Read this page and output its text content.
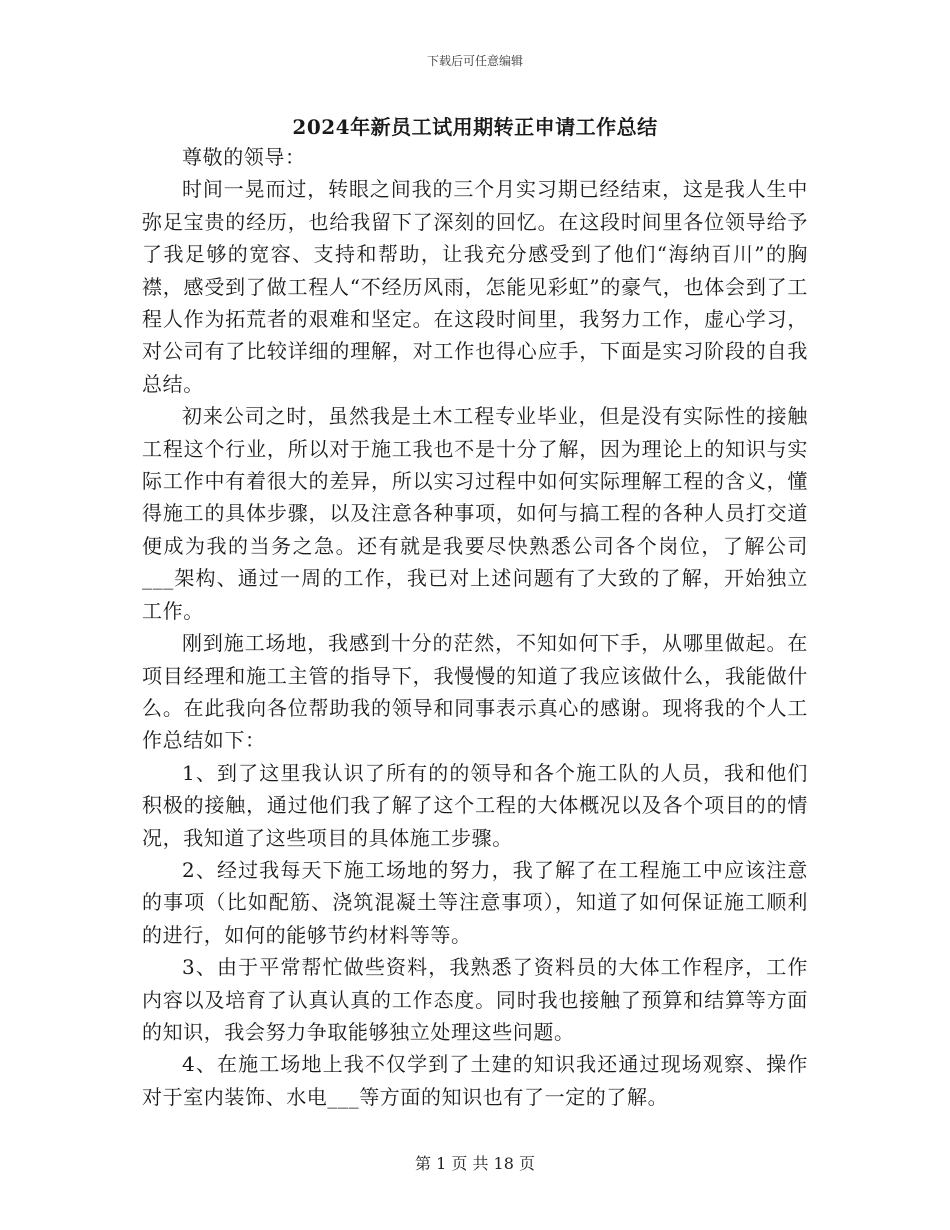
下载后可任意编辑
2024年新员工试用期转正申请工作总结

尊敬的领导：

时间一晃而过，转眼之间我的三个月实习期已经结束，这是我人生中弥足宝贵的经历，也给我留下了深刻的回忆。在这段时间里各位领导给予了我足够的宽容、支持和帮助，让我充分感受到了他们“海纳百川”的胸襟，感受到了做工程人“不经历风雨，怎能见彩虹”的豪气，也体会到了工程人作为拓荒者的艰难和坚定。在这段时间里，我努力工作，虚心学习，对公司有了比较详细的理解，对工作也得心应手，下面是实习阶段的自我总结。

初来公司之时，虽然我是土木工程专业毕业，但是没有实际性的接触工程这个行业，所以对于施工我也不是十分了解，因为理论上的知识与实际工作中有着很大的差异，所以实习过程中如何实际理解工程的含义，懂得施工的具体步骤，以及注意各种事项，如何与搞工程的各种人员打交道便成为我的当务之急。还有就是我要尽快熟悉公司各个岗位，了解公司___架构、通过一周的工作，我已对上述问题有了大致的了解，开始独立工作。

刚到施工场地，我感到十分的茫然，不知如何下手，从哪里做起。在项目经理和施工主管的指导下，我慢慢的知道了我应该做什么，我能做什么。在此我向各位帮助我的领导和同事表示真心的感谢。现将我的个人工作总结如下：

1、到了这里我认识了所有的的领导和各个施工队的人员，我和他们积极的接触，通过他们我了解了这个工程的大体概况以及各个项目的的情况，我知道了这些项目的具体施工步骤。

2、经过我每天下施工场地的努力，我了解了在工程施工中应该注意的事项（比如配筋、浇筑混凝土等注意事项），知道了如何保证施工顺利的进行，如何的能够节约材料等等。

3、由于平常帮忙做些资料，我熟悉了资料员的大体工作程序，工作内容以及培育了认真认真的工作态度。同时我也接触了预算和结算等方面的知识，我会努力争取能够独立处理这些问题。

4、在施工场地上我不仅学到了土建的知识我还通过现场观察、操作对于室内装饰、水电___等方面的知识也有了一定的了解。

第 1 页 共 18 页
